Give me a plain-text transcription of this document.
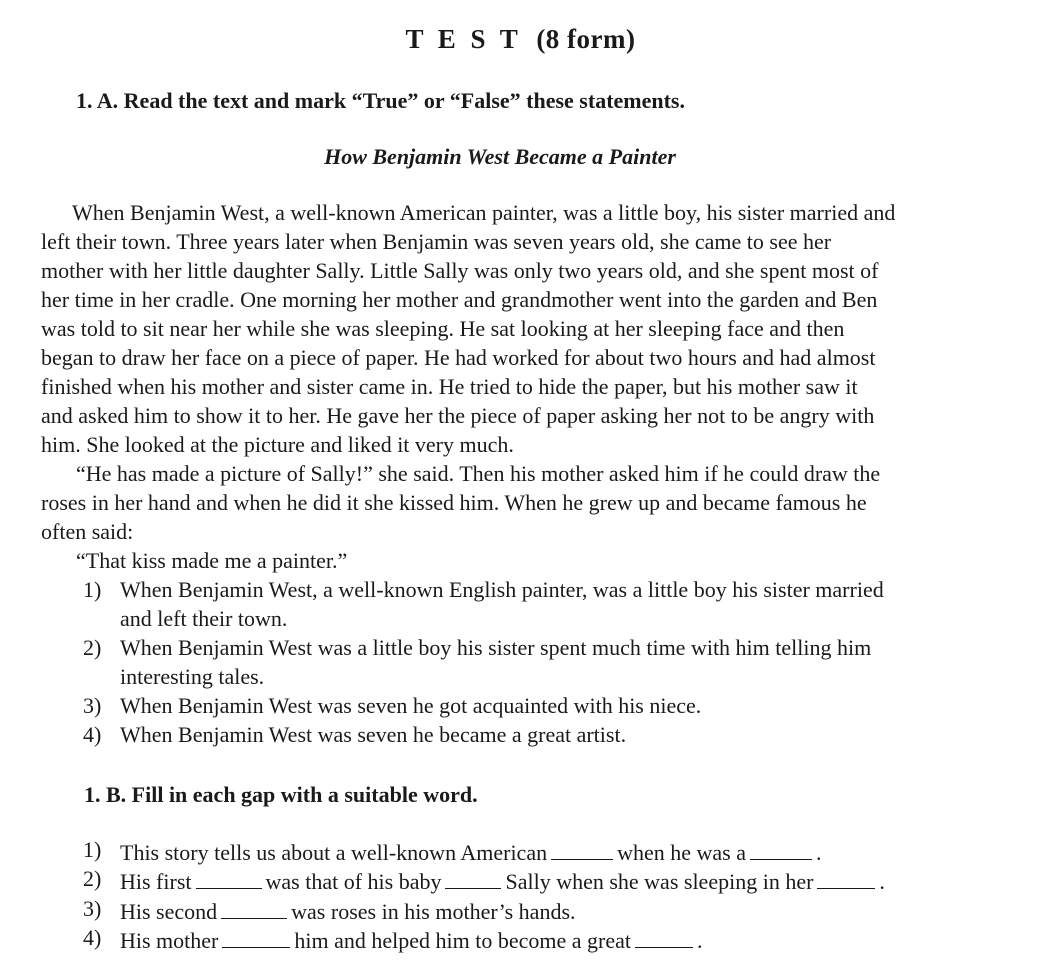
T E S T (8 form)
1. A. Read the text and mark “True” or “False” these statements.
How Benjamin West Became a Painter
When Benjamin West, a well-known American painter, was a little boy, his sister married and
left their town. Three years later when Benjamin was seven years old, she came to see her
mother with her little daughter Sally. Little Sally was only two years old, and she spent most of
her time in her cradle. One morning her mother and grandmother went into the garden and Ben
was told to sit near her while she was sleeping. He sat looking at her sleeping face and then
began to draw her face on a piece of paper. He had worked for about two hours and had almost
finished when his mother and sister came in. He tried to hide the paper, but his mother saw it
and asked him to show it to her. He gave her the piece of paper asking her not to be angry with
him. She looked at the picture and liked it very much.
“He has made a picture of Sally!” she said. Then his mother asked him if he could draw the
roses in her hand and when he did it she kissed him. When he grew up and became famous he
often said:
“That kiss made me a painter.”
1) When Benjamin West, a well-known English painter, was a little boy his sister married
and left their town.
2) When Benjamin West was a little boy his sister spent much time with him telling him
interesting tales.
3) When Benjamin West was seven he got acquainted with his niece.
4) When Benjamin West was seven he became a great artist.
1. B. Fill in each gap with a suitable word.
1) This story tells us about a well-known American	when he was a	.
2) His first	was that of his baby	Sally when she was sleeping in her	.
3) His second	was roses in his mother’s hands.
4) His mother	him and helped him to become a great	.
